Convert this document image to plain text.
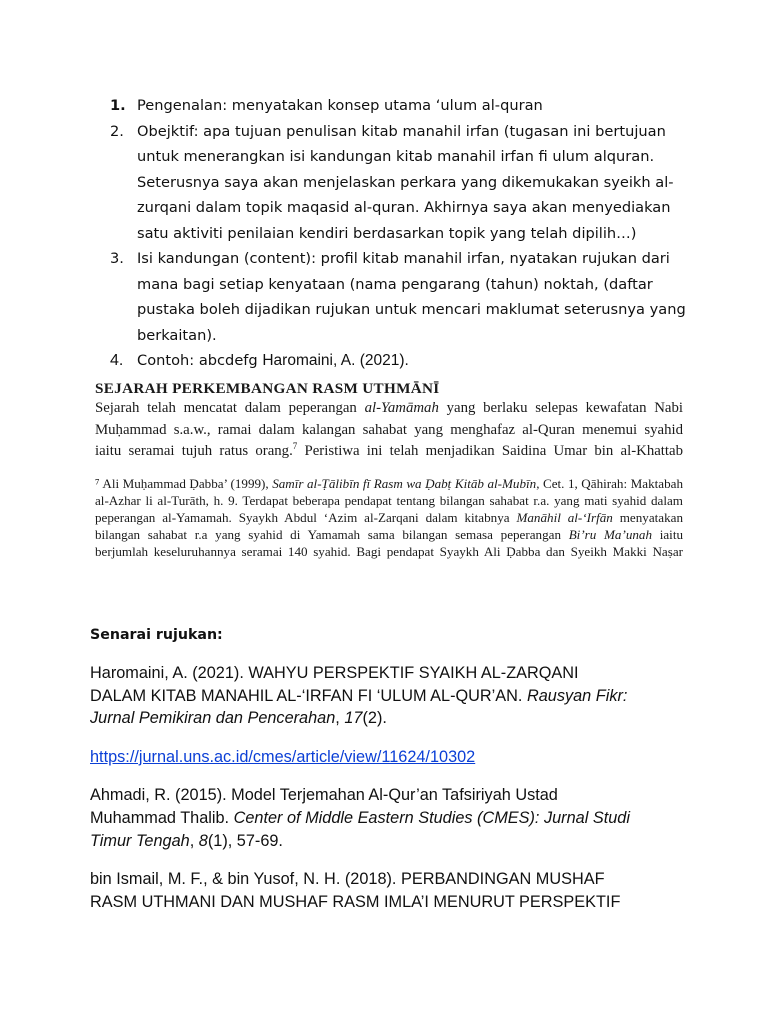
1. Pengenalan: menyatakan konsep utama ‘ulum al-quran
2. Obejktif: apa tujuan penulisan kitab manahil irfan (tugasan ini bertujuan
untuk menerangkan isi kandungan kitab manahil irfan fi ulum alquran.
Seterusnya saya akan menjelaskan perkara yang dikemukakan syeikh al-
zurqani dalam topik maqasid al-quran. Akhirnya saya akan menyediakan
satu aktiviti penilaian kendiri berdasarkan topik yang telah dipilih…)
3. Isi kandungan (content): profil kitab manahil irfan, nyatakan rujukan dari
mana bagi setiap kenyataan (nama pengarang (tahun) noktah, (daftar
pustaka boleh dijadikan rujukan untuk mencari maklumat seterusnya yang
berkaitan).
4. Contoh: abcdefg Haromaini, A. (2021).
SEJARAH PERKEMBANGAN RASM UTHMĀNĪ
Sejarah telah mencatat dalam peperangan al-Yamāmah yang berlaku selepas kewafatan Nabi
Muḥammad s.a.w., ramai dalam kalangan sahabat yang menghafaz al-Quran menemui syahid
iaitu seramai tujuh ratus orang.$^7$ Peristiwa ini telah menjadikan Saidina Umar bin al-Khattab
⁷ Ali Muḥammad Ḍabba’ (1999), Samīr al-Ṭālibīn fī Rasm wa Ḍabṭ Kitāb al-Mubīn, Cet. 1, Qāhirah: Maktabah
al-Azhar li al-Turāth, h. 9. Terdapat beberapa pendapat tentang bilangan sahabat r.a. yang mati syahid dalam
peperangan al-Yamamah. Syaykh Abdul ‘Azim al-Zarqani dalam kitabnya Manāhil al-‘Irfān menyatakan
bilangan sahabat r.a yang syahid di Yamamah sama bilangan semasa peperangan Bi’ru Ma’unah iaitu
berjumlah keseluruhannya seramai 140 syahid. Bagi pendapat Syaykh Ali Ḍabba dan Syeikh Makki Naṣar
Senarai rujukan:
Haromaini, A. (2021). WAHYU PERSPEKTIF SYAIKH AL-ZARQANI
DALAM KITAB MANAHIL AL-‘IRFAN FI ‘ULUM AL-QUR’AN. Rausyan Fikr:
Jurnal Pemikiran dan Pencerahan, 17(2).
https://jurnal.uns.ac.id/cmes/article/view/11624/10302
Ahmadi, R. (2015). Model Terjemahan Al-Qur’an Tafsiriyah Ustad
Muhammad Thalib. Center of Middle Eastern Studies (CMES): Jurnal Studi
Timur Tengah, 8(1), 57-69.
bin Ismail, M. F., & bin Yusof, N. H. (2018). PERBANDINGAN MUSHAF
RASM UTHMANI DAN MUSHAF RASM IMLA’I MENURUT PERSPEKTIF
